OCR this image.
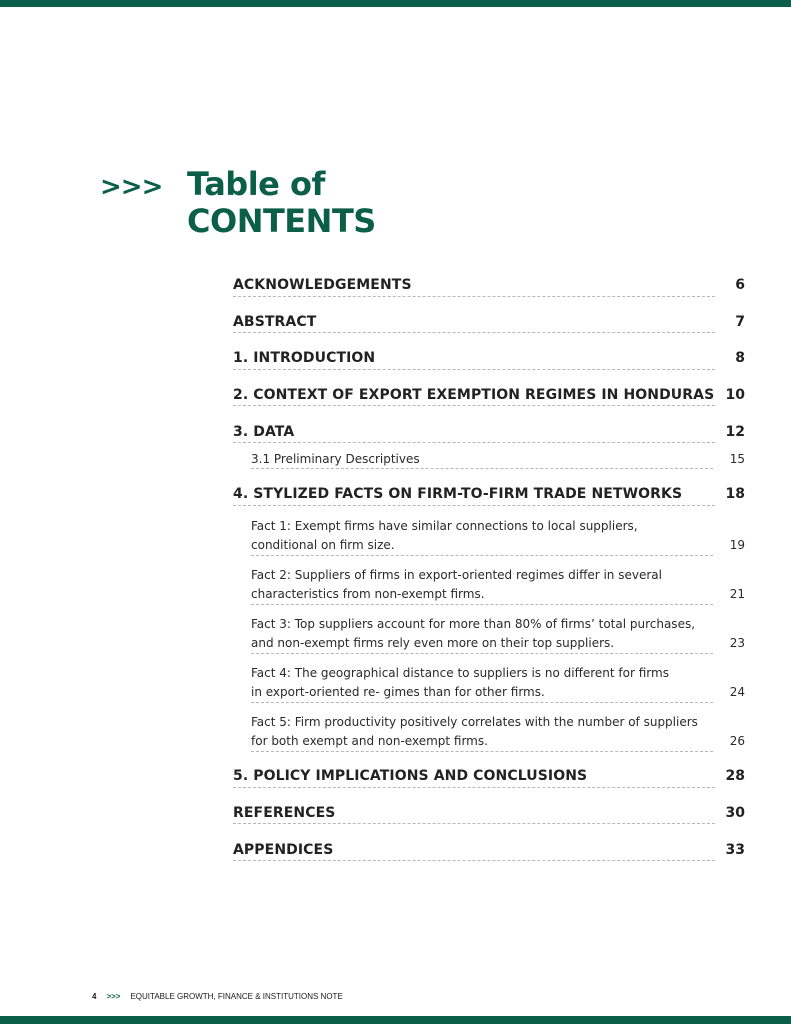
>>> Table of
CONTENTS
ACKNOWLEDGEMENTS	6
ABSTRACT	7
1. INTRODUCTION	8
2. CONTEXT OF EXPORT EXEMPTION REGIMES IN HONDURAS 10
3. DATA	12
3.1 Preliminary Descriptives	15
4. STYLIZED FACTS ON FIRM-TO-FIRM TRADE NETWORKS	18
Fact 1: Exempt firms have similar connections to local suppliers,
conditional on firm size.	19
Fact 2: Suppliers of firms in export-oriented regimes differ in several
characteristics from non-exempt firms.	21
Fact 3: Top suppliers account for more than 80% of firms’ total purchases,
and non-exempt firms rely even more on their top suppliers.	23
Fact 4: The geographical distance to suppliers is no different for firms
in export-oriented re- gimes than for other firms.	24
Fact 5: Firm productivity positively correlates with the number of suppliers
for both exempt and non-exempt firms.	26
5. POLICY IMPLICATIONS AND CONCLUSIONS	28
REFERENCES	30
APPENDICES	33
4 >>> EQUITABLE GROWTH, FINANCE & INSTITUTIONS NOTE
